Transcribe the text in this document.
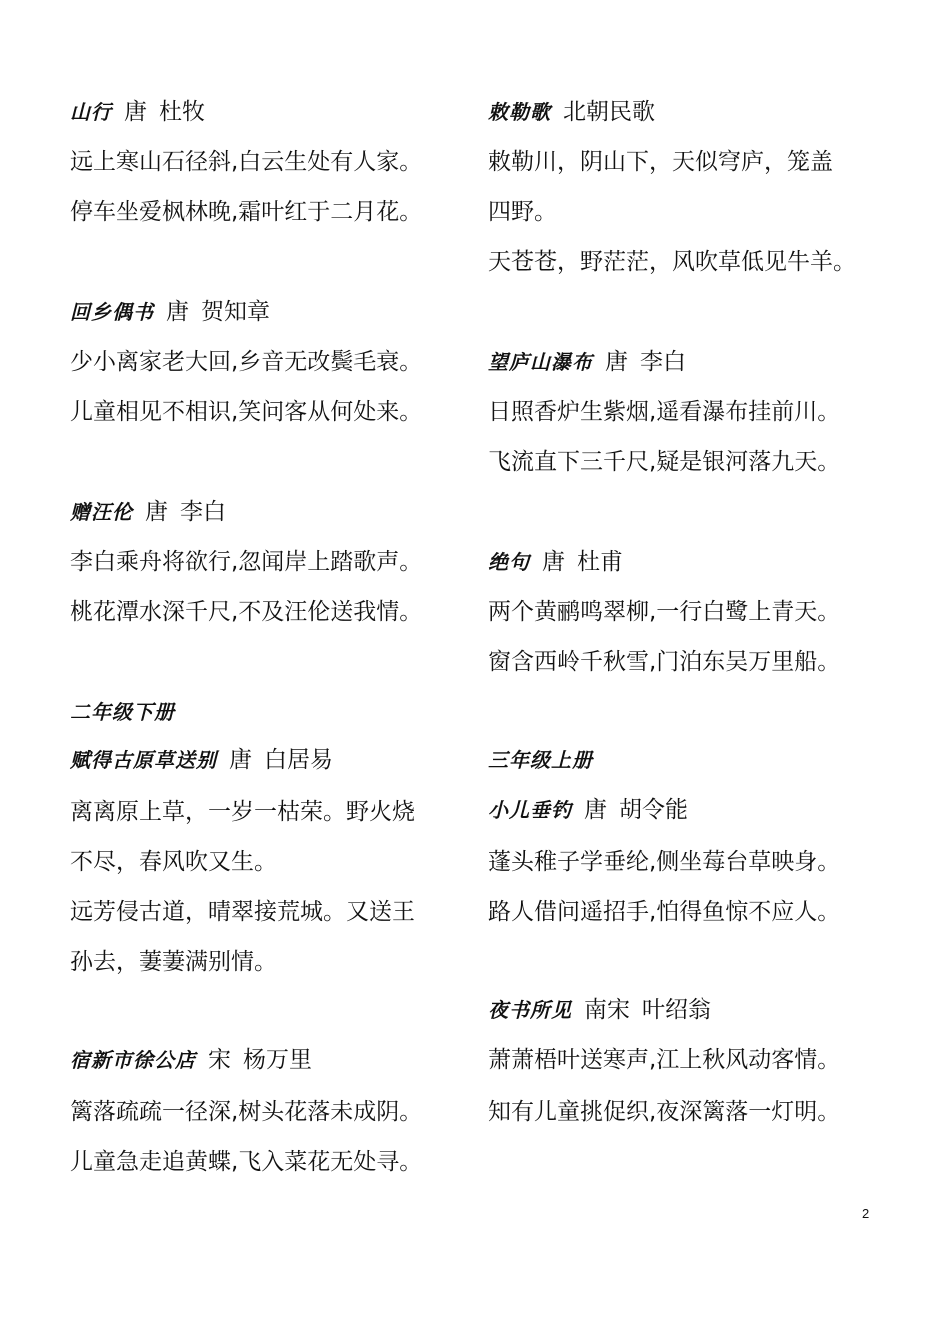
山行 唐 杜牧
远上寒山石径斜,白云生处有人家。
停车坐爱枫林晚,霜叶红于二月花。
回乡偶书 唐 贺知章
少小离家老大回,乡音无改鬓毛衰。
儿童相见不相识,笑问客从何处来。
赠汪伦 唐 李白
李白乘舟将欲行,忽闻岸上踏歌声。
桃花潭水深千尺,不及汪伦送我情。
二年级下册
赋得古原草送别 唐 白居易
离离原上草，一岁一枯荣。野火烧
不尽，春风吹又生。
远芳侵古道，晴翠接荒城。又送王
孙去，萋萋满别情。
宿新市徐公店 宋 杨万里
篱落疏疏一径深,树头花落未成阴。
儿童急走追黄蝶,飞入菜花无处寻。
敕勒歌 北朝民歌
敕勒川，阴山下，天似穹庐，笼盖
四野。
天苍苍，野茫茫，风吹草低见牛羊。
望庐山瀑布 唐 李白
日照香炉生紫烟,遥看瀑布挂前川。
飞流直下三千尺,疑是银河落九天。
绝句 唐 杜甫
两个黄鹂鸣翠柳,一行白鹭上青天。
窗含西岭千秋雪,门泊东吴万里船。
三年级上册
小儿垂钓 唐 胡令能
蓬头稚子学垂纶,侧坐莓台草映身。
路人借问遥招手,怕得鱼惊不应人。
夜书所见 南宋 叶绍翁
萧萧梧叶送寒声,江上秋风动客情。
知有儿童挑促织,夜深篱落一灯明。
2
